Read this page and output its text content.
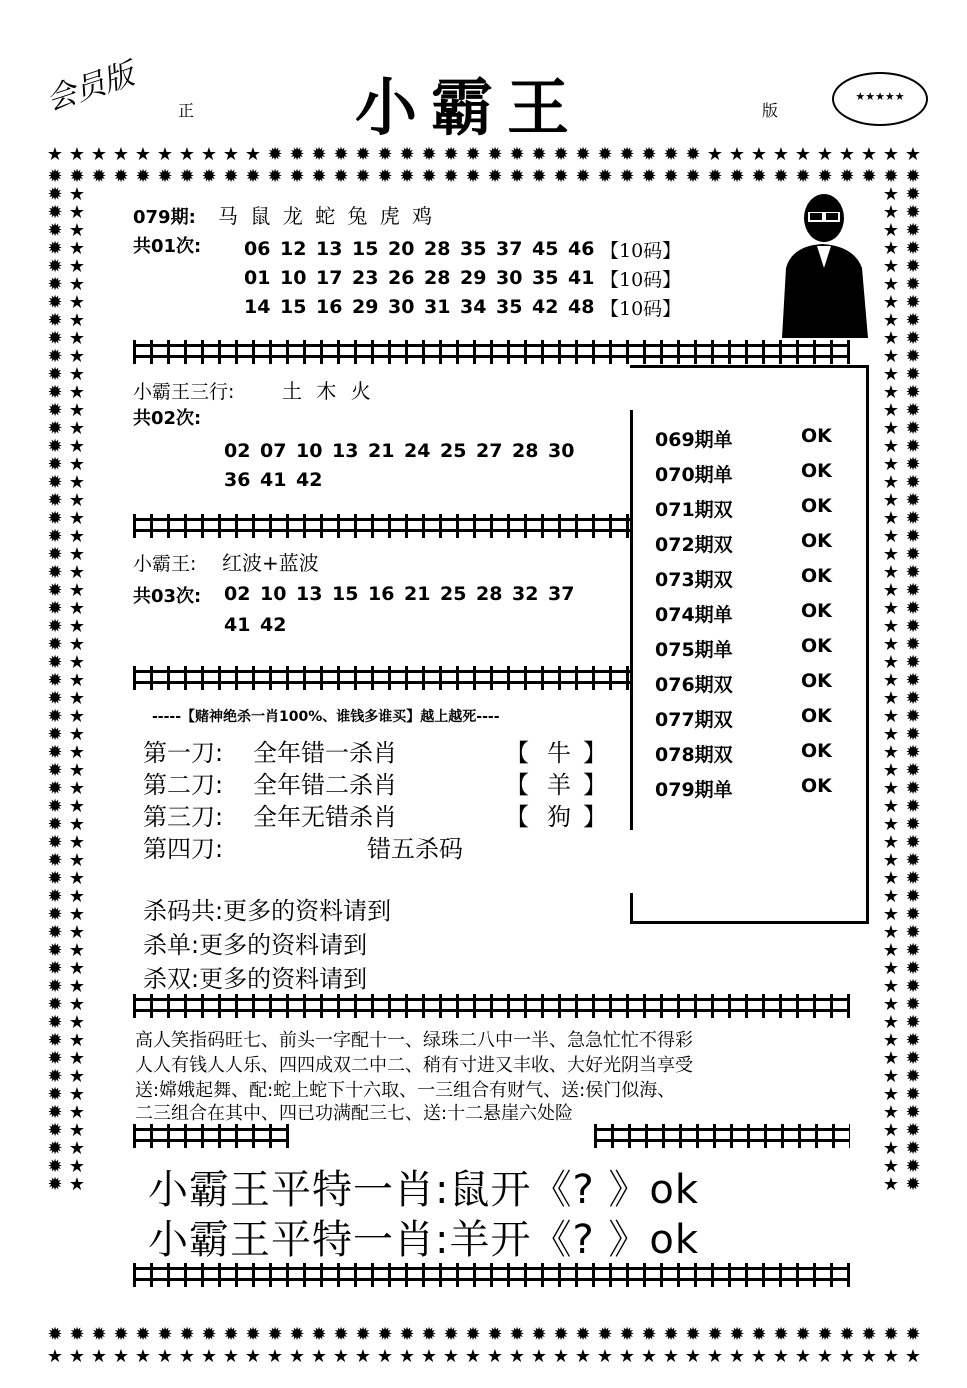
会员版 正	小霸王	版
★★★★★
★ ★ ★ ★ ★ ★ ★ ★ ★ ★ ✹ ✹ ✹ ✹ ✹ ✹ ✹ ✹ ✹ ✹ ✹ ✹ ✹ ✹ ✹ ✹ ✹ ✹ ✹ ✹ ★ ★ ★ ★ ★ ★ ★ ★ ★ ★
✹ ✹ ✹ ✹ ✹ ✹ ✹ ✹ ✹ ✹ ✹ ✹ ✹ ✹ ✹ ✹ ✹ ✹ ✹ ✹ ✹ ✹ ✹ ✹ ✹ ✹ ✹ ✹ ✹ ✹ ✹ ✹ ✹ ✹ ✹ ✹ ✹ ✹ ✹ ✹
✹
✹
✹
✹
✹
✹
✹
✹
✹
✹
✹
✹
✹
✹
✹
✹
✹
✹
✹
✹
✹
✹
✹
✹
✹
✹
✹
✹
✹
✹
✹
✹
✹
✹
✹
✹
✹
✹
✹
✹
✹
✹
✹
✹
✹
✹
✹
✹
✹
✹
✹
✹
✹
✹
✹
✹
★
★
★
★
★
★
★
★
★
★
★
★
★
★
★
★
★
★
★
★
★
★
★
★
★
★
★
★
★
★
★
★
★
★
★
★
★
★
★
★
★
★
★
★
★
★
★
★
★
★
★
★
★
★
★
★
★
★
★
★
★
★
★
★
★
★
★
★
★
★
★
★
★
★
★
★
★
★
★
★
★
★
★
★
★
★
★
★
★
★
★
★
★
★
★
★
★
★
★
★
★
★
★
★
★
★
★
★
★
★
★
★
✹
✹
✹
✹
✹
✹
✹
✹
✹
✹
✹
✹
✹
✹
✹
✹
✹
✹
✹
✹
✹
✹
✹
✹
✹
✹
✹
✹
✹
✹
✹
✹
✹
✹
✹
✹
✹
✹
✹
✹
✹
✹
✹
✹
✹
✹
✹
✹
✹
✹
✹
✹
✹
✹
✹
✹
✹ ✹ ✹ ✹ ✹ ✹ ✹ ✹ ✹ ✹ ✹ ✹ ✹ ✹ ✹ ✹ ✹ ✹ ✹ ✹ ✹ ✹ ✹ ✹ ✹ ✹ ✹ ✹ ✹ ✹ ✹ ✹ ✹ ✹ ✹ ✹ ✹ ✹ ✹ ✹
★ ★ ★ ★ ★ ★ ★ ★ ★ ★ ★ ★ ★ ★ ★ ★ ★ ★ ★ ★ ★ ★ ★ ★ ★ ★ ★ ★ ★ ★ ★ ★ ★ ★ ★ ★ ★ ★ ★ ★
079期: 马 鼠 龙 蛇 兔 虎 鸡
共01次: 06 12 13 15 20 28 35 37 45 46 【10码】
01 10 17 23 26 28 29 30 35 41 【10码】
14 15 16 29 30 31 34 35 42 48 【10码】
069期单	OK
070期单	OK
071期双	OK
072期双	OK
073期双	OK
074期单	OK
075期单	OK
076期双	OK
077期双	OK
078期双	OK
079期单	OK
小霸王三行: 土 木 火
共02次:
02 07 10 13 21 24 25 27 28 30
36 41 42
小霸王: 红波+蓝波
共03次: 02 10 13 15 16 21 25 28 32 37
41 42
-----【赌神绝杀一肖100%、谁钱多谁买】越上越死----
第一刀: 全年错一杀肖	【 牛 】
第二刀: 全年错二杀肖	【 羊 】
第三刀: 全年无错杀肖	【 狗 】
第四刀:	错五杀码
杀码共:更多的资料请到
杀单:更多的资料请到
杀双:更多的资料请到
高人笑指码旺七、前头一字配十一、绿珠二八中一半、急急忙忙不得彩
人人有钱人人乐、四四成双二中二、稍有寸进又丰收、大好光阴当享受
送:嫦娥起舞、配:蛇上蛇下十六取、一三组合有财气、送:侯门似海、
二三组合在其中、四已功满配三七、送:十二悬崖六处险
小霸王平特一肖:鼠开《? 》ok
小霸王平特一肖:羊开《? 》ok
